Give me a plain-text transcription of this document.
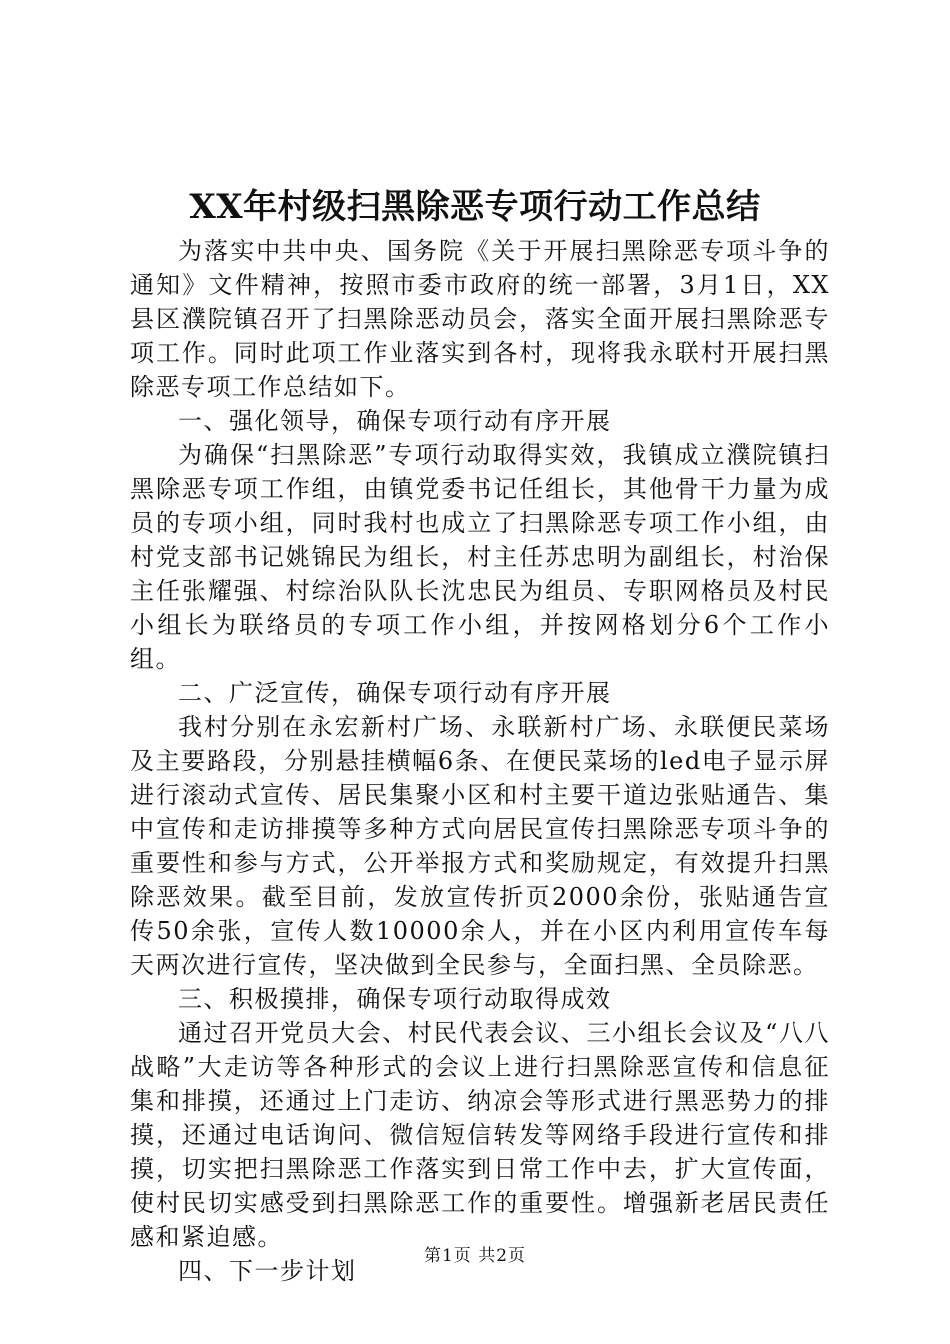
XX年村级扫黑除恶专项行动工作总结

为落实中共中央、国务院《关于开展扫黑除恶专项斗争的通知》文件精神，按照市委市政府的统一部署，3月1日，XX县区濮院镇召开了扫黑除恶动员会，落实全面开展扫黑除恶专项工作。同时此项工作业落实到各村，现将我永联村开展扫黑除恶专项工作总结如下。

一、强化领导，确保专项行动有序开展

为确保“扫黑除恶”专项行动取得实效，我镇成立濮院镇扫黑除恶专项工作组，由镇党委书记任组长，其他骨干力量为成员的专项小组，同时我村也成立了扫黑除恶专项工作小组，由村党支部书记姚锦民为组长，村主任苏忠明为副组长，村治保主任张耀强、村综治队队长沈忠民为组员、专职网格员及村民小组长为联络员的专项工作小组，并按网格划分6个工作小组。

二、广泛宣传，确保专项行动有序开展

我村分别在永宏新村广场、永联新村广场、永联便民菜场及主要路段，分别悬挂横幅6条、在便民菜场的led电子显示屏进行滚动式宣传、居民集聚小区和村主要干道边张贴通告、集中宣传和走访排摸等多种方式向居民宣传扫黑除恶专项斗争的重要性和参与方式，公开举报方式和奖励规定，有效提升扫黑除恶效果。截至目前，发放宣传折页2000余份，张贴通告宣传50余张，宣传人数10000余人，并在小区内利用宣传车每天两次进行宣传，坚决做到全民参与，全面扫黑、全员除恶。

三、积极摸排，确保专项行动取得成效

通过召开党员大会、村民代表会议、三小组长会议及“八八战略”大走访等各种形式的会议上进行扫黑除恶宣传和信息征集和排摸，还通过上门走访、纳凉会等形式进行黑恶势力的排摸，还通过电话询问、微信短信转发等网络手段进行宣传和排摸，切实把扫黑除恶工作落实到日常工作中去，扩大宣传面，使村民切实感受到扫黑除恶工作的重要性。增强新老居民责任感和紧迫感。

四、下一步计划

第1页 共2页
